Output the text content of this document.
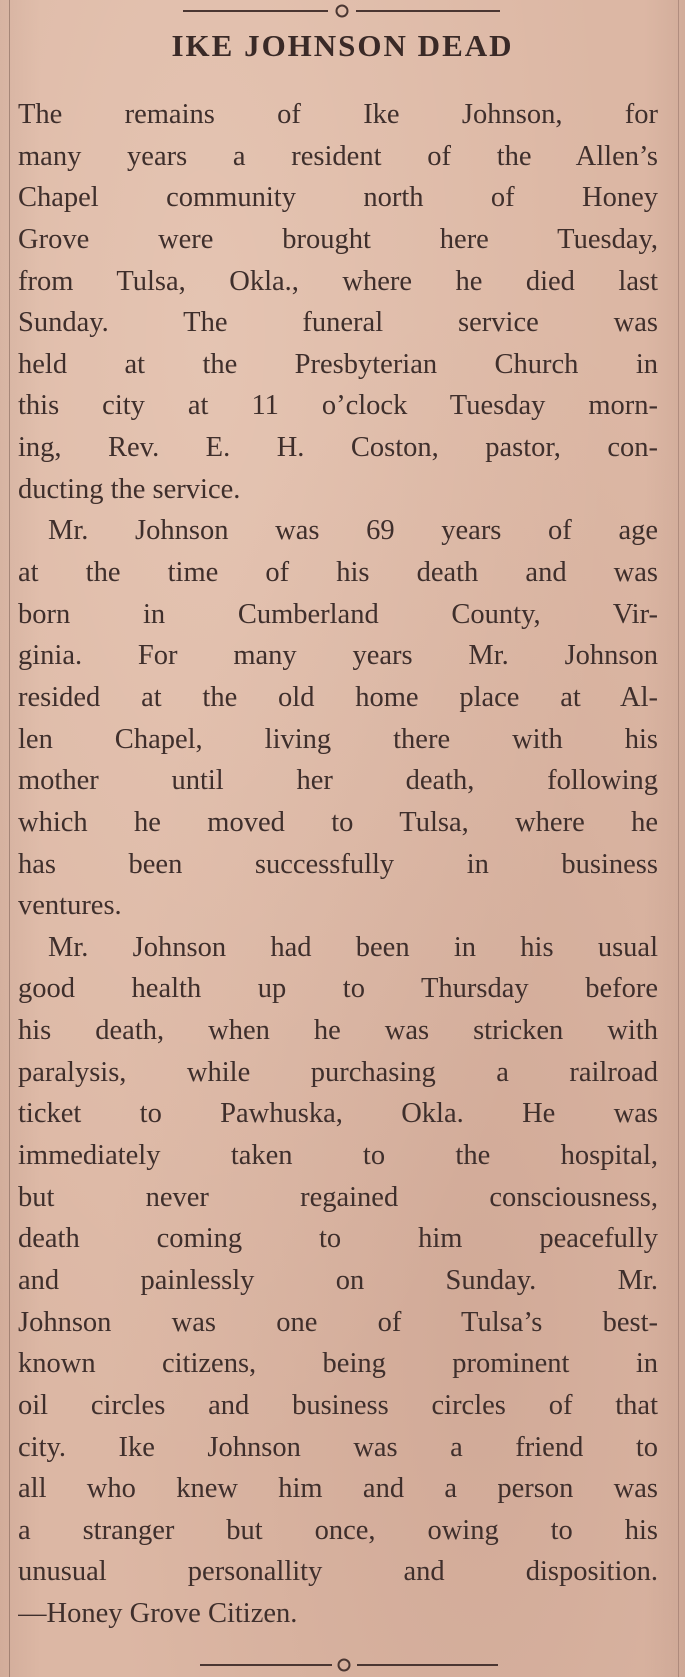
IKE JOHNSON DEAD
The remains of Ike Johnson, for
many years a resident of the Allen’s
Chapel community north of Honey
Grove were brought here Tuesday,
from Tulsa, Okla., where he died last
Sunday. The funeral service was
held at the Presbyterian Church in
this city at 11 o’clock Tuesday morn-
ing, Rev. E. H. Coston, pastor, con-
ducting the service.
Mr. Johnson was 69 years of age
at the time of his death and was
born in Cumberland County, Vir-
ginia. For many years Mr. Johnson
resided at the old home place at Al-
len Chapel, living there with his
mother until her death, following
which he moved to Tulsa, where he
has been successfully in business
ventures.
Mr. Johnson had been in his usual
good health up to Thursday before
his death, when he was stricken with
paralysis, while purchasing a railroad
ticket to Pawhuska, Okla. He was
immediately taken to the hospital,
but never regained consciousness,
death coming to him peacefully
and painlessly on Sunday. Mr.
Johnson was one of Tulsa’s best-
known citizens, being prominent in
oil circles and business circles of that
city. Ike Johnson was a friend to
all who knew him and a person was
a stranger but once, owing to his
unusual personallity and disposition.
—Honey Grove Citizen.
